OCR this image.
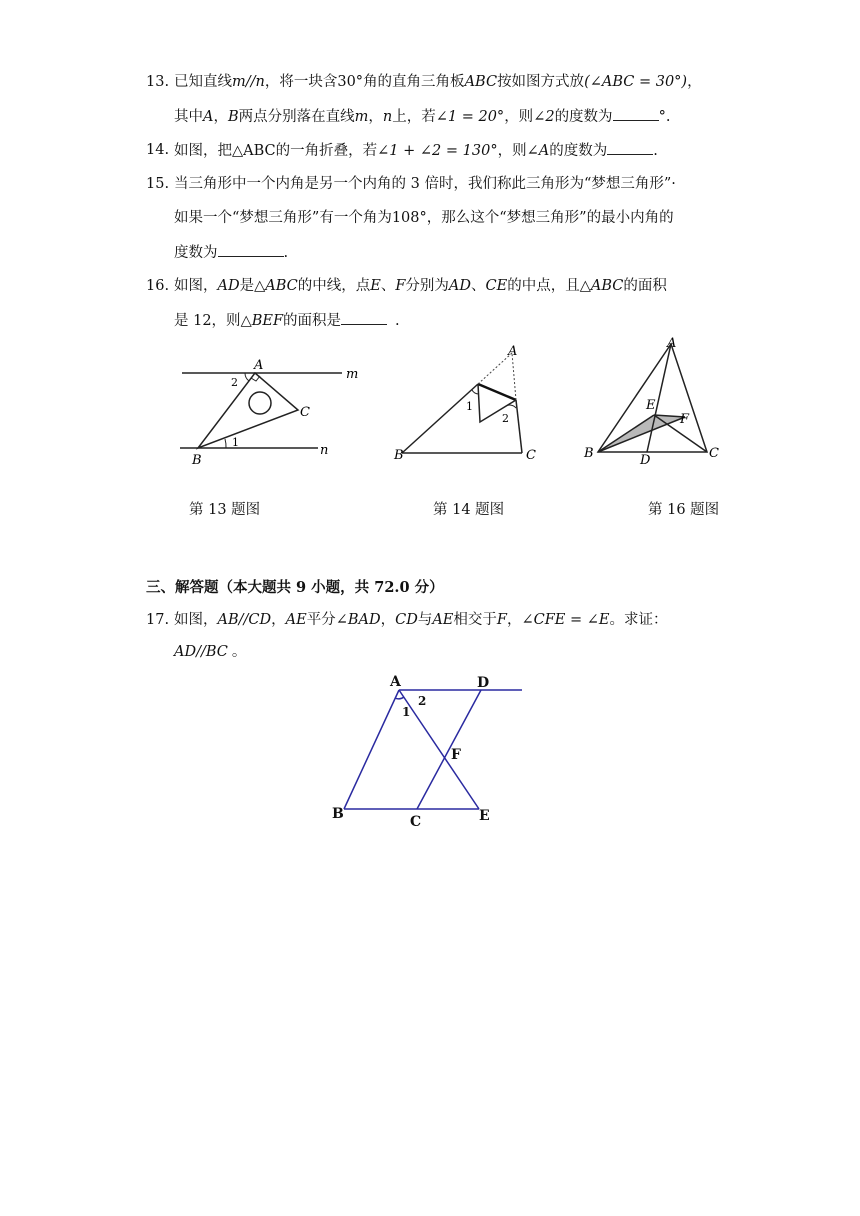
13. 已知直线m//n，将一块含30°角的直角三角板ABC按如图方式放(∠ABC = 30°)，
其中A，B两点分别落在直线m，n上，若∠1 = 20°，则∠2的度数为	°.
14. 如图，把△ABC的一角折叠，若∠1 + ∠2 = 130°，则∠A的度数为	.
15. 当三角形中一个内角是另一个内角的 3 倍时，我们称此三角形为“梦想三角形”·
如果一个“梦想三角形”有一个角为108°，那么这个“梦想三角形”的最小内角的
度数为	.
16. 如图，AD是△ABC的中线，点E、F分别为AD、CE的中点，且△ABC的面积
是 12，则△BEF的面积是	.
A
B
C
m
n
1
2
第 13 题图
A
B	C
1
2
第 14 题图
A
B	C
D
E
F
第 16 题图
三、解答题（本大题共 9 小题，共 72.0 分）
17. 如图，AB//CD，AE平分∠BAD，CD与AE相交于F，∠CFE = ∠E。求证：
AD//BC 。
A	D
B	C	E
F
1
2
